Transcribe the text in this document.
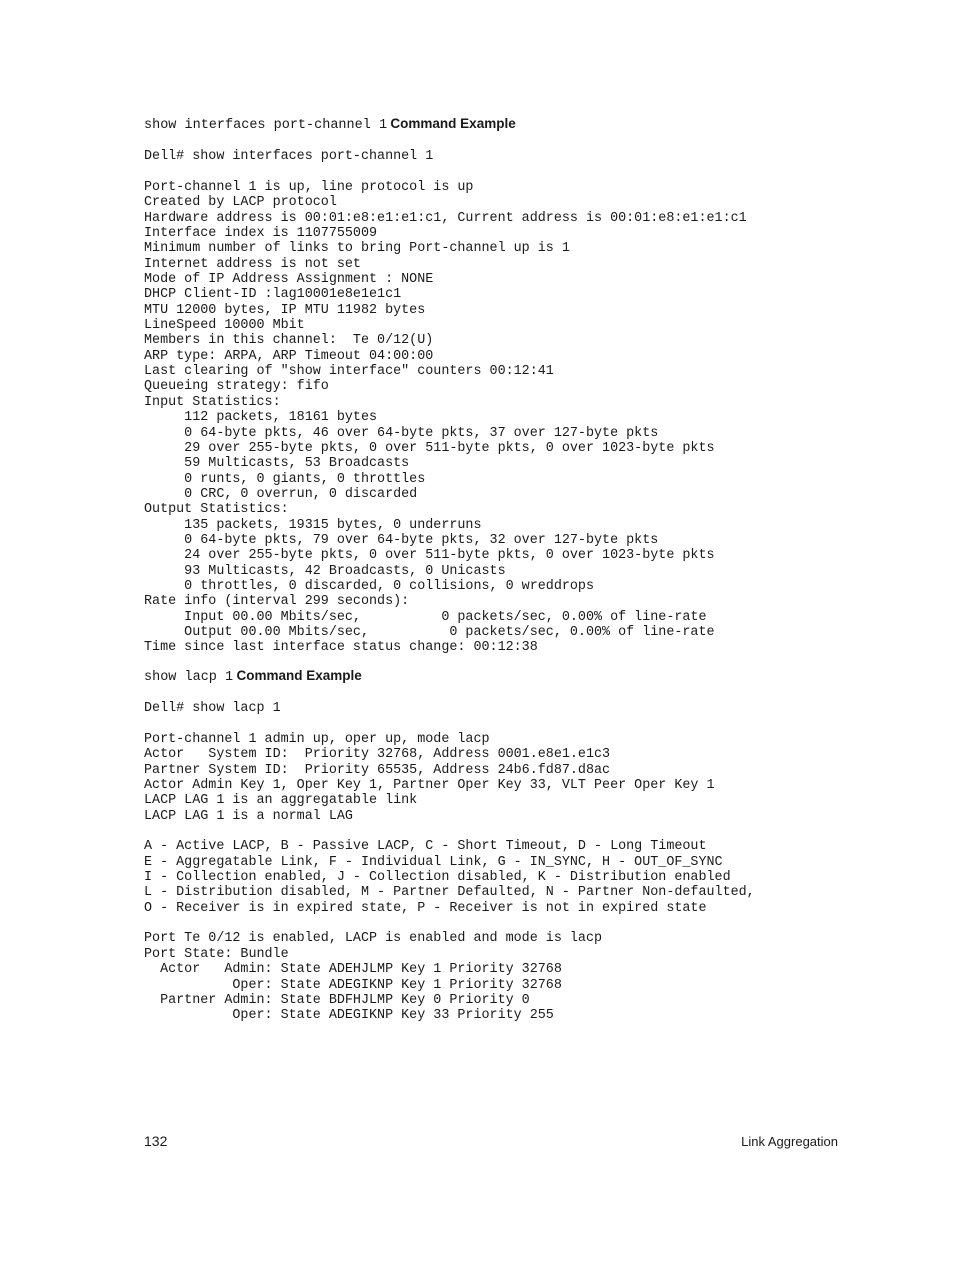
show interfaces port-channel 1 Command Example
Dell# show interfaces port-channel 1
Port-channel 1 is up, line protocol is up
Created by LACP protocol
Hardware address is 00:01:e8:e1:e1:c1, Current address is 00:01:e8:e1:e1:c1
Interface index is 1107755009
Minimum number of links to bring Port-channel up is 1
Internet address is not set
Mode of IP Address Assignment : NONE
DHCP Client-ID :lag10001e8e1e1c1
MTU 12000 bytes, IP MTU 11982 bytes
LineSpeed 10000 Mbit
Members in this channel:  Te 0/12(U)
ARP type: ARPA, ARP Timeout 04:00:00
Last clearing of "show interface" counters 00:12:41
Queueing strategy: fifo
Input Statistics:
112 packets, 18161 bytes
0 64-byte pkts, 46 over 64-byte pkts, 37 over 127-byte pkts
29 over 255-byte pkts, 0 over 511-byte pkts, 0 over 1023-byte pkts
59 Multicasts, 53 Broadcasts
0 runts, 0 giants, 0 throttles
0 CRC, 0 overrun, 0 discarded
Output Statistics:
135 packets, 19315 bytes, 0 underruns
0 64-byte pkts, 79 over 64-byte pkts, 32 over 127-byte pkts
24 over 255-byte pkts, 0 over 511-byte pkts, 0 over 1023-byte pkts
93 Multicasts, 42 Broadcasts, 0 Unicasts
0 throttles, 0 discarded, 0 collisions, 0 wreddrops
Rate info (interval 299 seconds):
Input 00.00 Mbits/sec,          0 packets/sec, 0.00% of line-rate
Output 00.00 Mbits/sec,          0 packets/sec, 0.00% of line-rate
Time since last interface status change: 00:12:38
show lacp 1 Command Example
Dell# show lacp 1
Port-channel 1 admin up, oper up, mode lacp
Actor   System ID:  Priority 32768, Address 0001.e8e1.e1c3
Partner System ID:  Priority 65535, Address 24b6.fd87.d8ac
Actor Admin Key 1, Oper Key 1, Partner Oper Key 33, VLT Peer Oper Key 1
LACP LAG 1 is an aggregatable link
LACP LAG 1 is a normal LAG

A - Active LACP, B - Passive LACP, C - Short Timeout, D - Long Timeout
E - Aggregatable Link, F - Individual Link, G - IN_SYNC, H - OUT_OF_SYNC
I - Collection enabled, J - Collection disabled, K - Distribution enabled
L - Distribution disabled, M - Partner Defaulted, N - Partner Non-defaulted,
O - Receiver is in expired state, P - Receiver is not in expired state

Port Te 0/12 is enabled, LACP is enabled and mode is lacp
Port State: Bundle
Actor   Admin: State ADEHJLMP Key 1 Priority 32768
Oper: State ADEGIKNP Key 1 Priority 32768
Partner Admin: State BDFHJLMP Key 0 Priority 0
Oper: State ADEGIKNP Key 33 Priority 255
132	Link Aggregation
